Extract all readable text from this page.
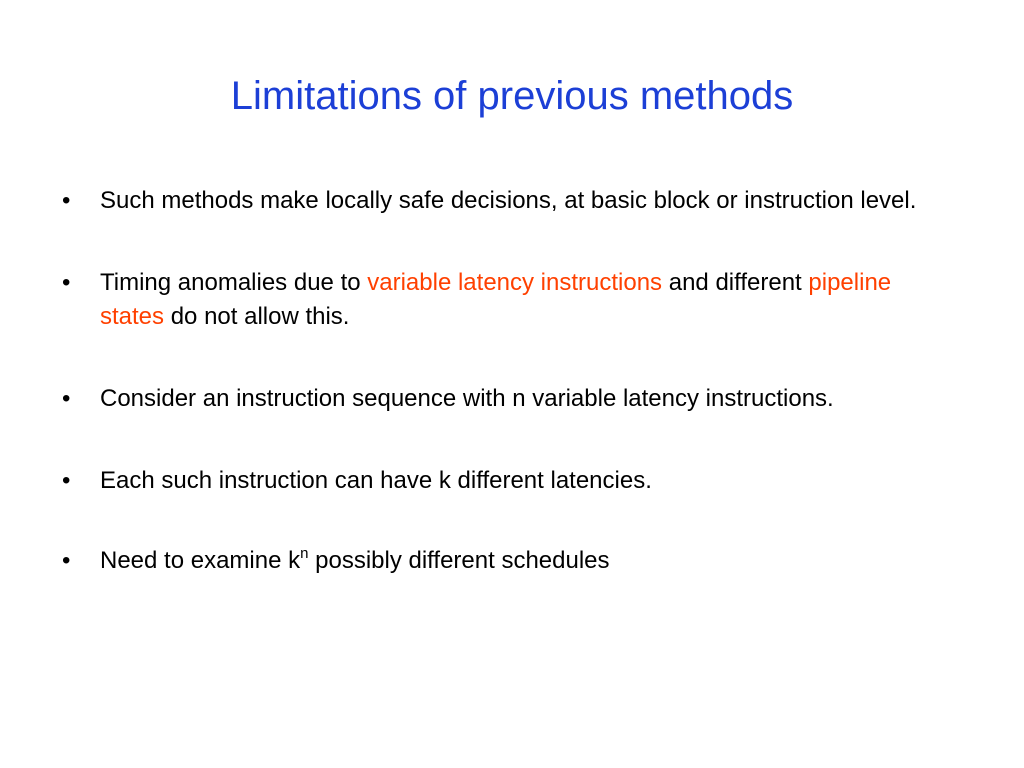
Limitations of previous methods
• Such methods make locally safe decisions, at basic block or instruction level.
• Timing anomalies due to variable latency instructions and different pipeline states do not allow this.
• Consider an instruction sequence with n variable latency instructions.
• Each such instruction can have k different latencies.
• Need to examine $k^n$ possibly different schedules
